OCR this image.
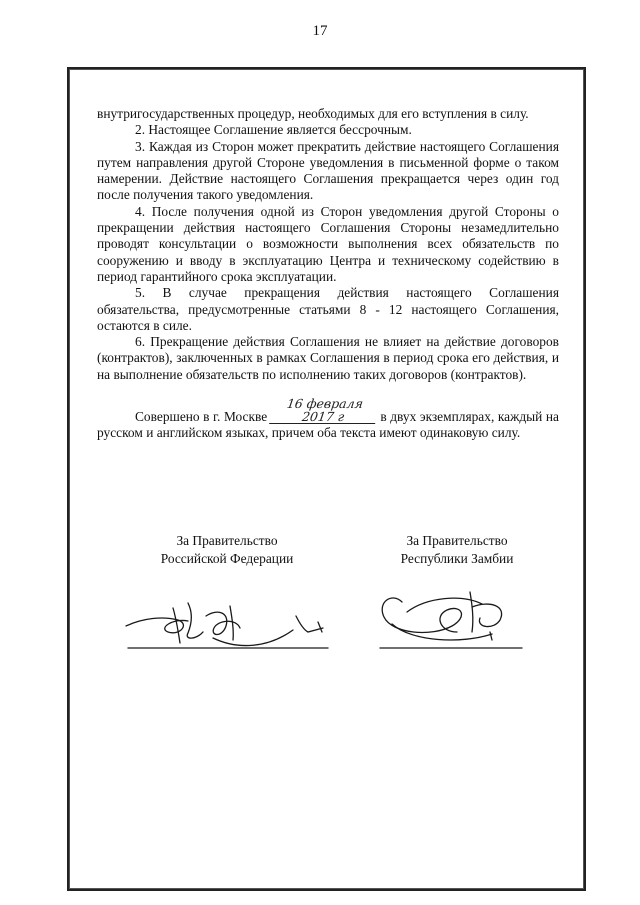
17

внутригосударственных процедур, необходимых для его вступления в силу.

2. Настоящее Соглашение является бессрочным.

3. Каждая из Сторон может прекратить действие настоящего Соглашения путем направления другой Стороне уведомления в письменной форме о таком намерении. Действие настоящего Соглашения прекращается через один год после получения такого уведомления.

4. После получения одной из Сторон уведомления другой Стороны о прекращении действия настоящего Соглашения Стороны незамедлительно проводят консультации о возможности выполнения всех обязательств по сооружению и вводу в эксплуатацию Центра и техническому содействию в период гарантийного срока эксплуатации.

5. В случае прекращения действия настоящего Соглашения обязательства, предусмотренные статьями 8 - 12 настоящего Соглашения, остаются в силе.

6. Прекращение действия Соглашения не влияет на действие договоров (контрактов), заключенных в рамках Соглашения в период срока его действия, и на выполнение обязательств по исполнению таких договоров (контрактов).

Совершено в г. Москве 16 февраля 2017 г	в двух экземплярах, каждый на русском и английском языках, причем оба текста имеют одинаковую силу.

За Правительство
Российской Федерации
За Правительство
Республики Замбии
